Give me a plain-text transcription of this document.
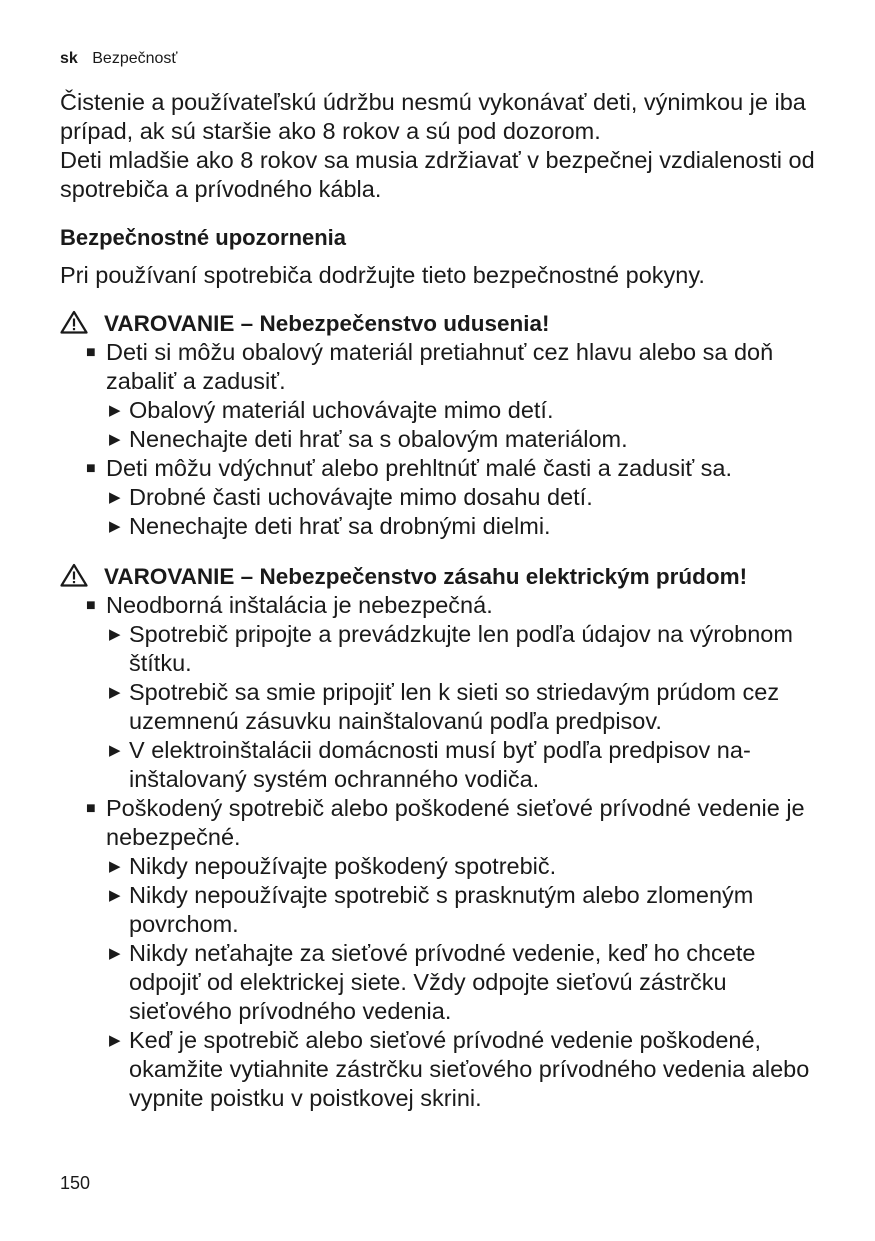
sk Bezpečnosť

Čistenie a používateľskú údržbu nesmú vykonávať deti, výnimkou je iba prípad, ak sú staršie ako 8 rokov a sú pod dozorom.

Deti mladšie ako 8 rokov sa musia zdržiavať v bezpečnej vzdialenosti od spotrebiča a prívodného kábla.

Bezpečnostné upozornenia

Pri používaní spotrebiča dodržujte tieto bezpečnostné pokyny.

VAROVANIE – Nebezpečenstvo udusenia!

■ Deti si môžu obalový materiál pretiahnuť cez hlavu alebo sa doň zabaliť a zadusiť.
▶ Obalový materiál uchovávajte mimo detí.
▶ Nenechajte deti hrať sa s obalovým materiálom.
■ Deti môžu vdýchnuť alebo prehltnúť malé časti a zadusiť sa.
▶ Drobné časti uchovávajte mimo dosahu detí.
▶ Nenechajte deti hrať sa drobnými dielmi.

VAROVANIE – Nebezpečenstvo zásahu elektrickým prúdom!

■ Neodborná inštalácia je nebezpečná.
▶ Spotrebič pripojte a prevádzkujte len podľa údajov na výrobnom štítku.
▶ Spotrebič sa smie pripojiť len k sieti so striedavým prúdom cez uzemnenú zásuvku nainštalovanú podľa predpisov.
▶ V elektroinštalácii domácnosti musí byť podľa predpisov nainštalovaný systém ochranného vodiča.
■ Poškodený spotrebič alebo poškodené sieťové prívodné vedenie je nebezpečné.
▶ Nikdy nepoužívajte poškodený spotrebič.
▶ Nikdy nepoužívajte spotrebič s prasknutým alebo zlomeným povrchom.
▶ Nikdy neťahajte za sieťové prívodné vedenie, keď ho chcete odpojiť od elektrickej siete. Vždy odpojte sieťovú zástrčku sieťového prívodného vedenia.
▶ Keď je spotrebič alebo sieťové prívodné vedenie poškodené, okamžite vytiahnite zástrčku sieťového prívodného vedenia alebo vypnite poistku v poistkovej skrini.
150
